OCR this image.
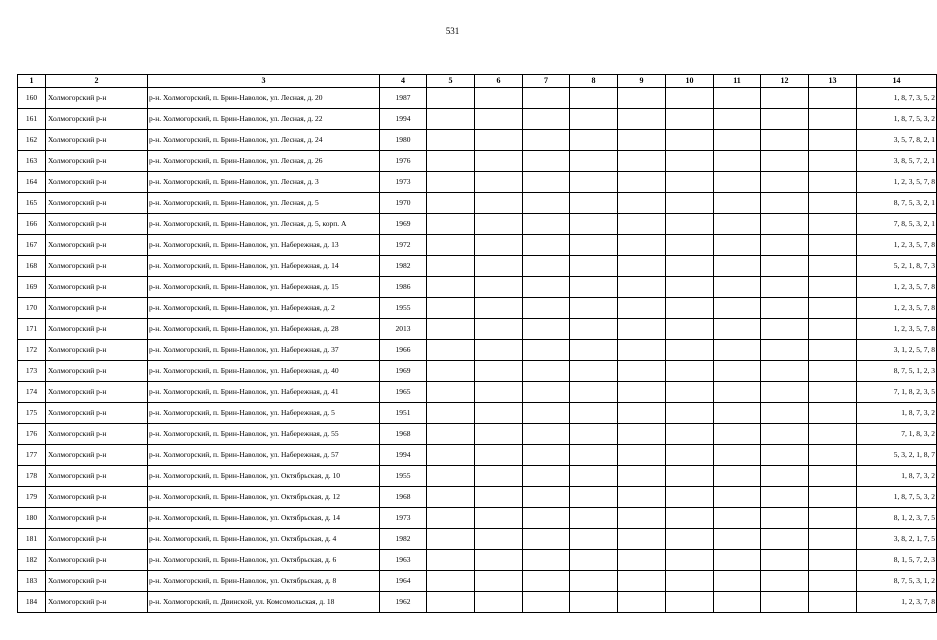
531
1	2	3	4	5	6	7	8	9	10	11	12	13	14
160	Холмогорский р-н	р-н. Холмогорский, п. Брин-Наволок, ул. Лесная, д. 20	1987										1, 8, 7, 3, 5, 2
161	Холмогорский р-н	р-н. Холмогорский, п. Брин-Наволок, ул. Лесная, д. 22	1994										1, 8, 7, 5, 3, 2
162	Холмогорский р-н	р-н. Холмогорский, п. Брин-Наволок, ул. Лесная, д. 24	1980										3, 5, 7, 8, 2, 1
163	Холмогорский р-н	р-н. Холмогорский, п. Брин-Наволок, ул. Лесная, д. 26	1976										3, 8, 5, 7, 2, 1
164	Холмогорский р-н	р-н. Холмогорский, п. Брин-Наволок, ул. Лесная, д. 3	1973										1, 2, 3, 5, 7, 8
165	Холмогорский р-н	р-н. Холмогорский, п. Брин-Наволок, ул. Лесная, д. 5	1970										8, 7, 5, 3, 2, 1
166	Холмогорский р-н	р-н. Холмогорский, п. Брин-Наволок, ул. Лесная, д. 5, корп. А	1969										7, 8, 5, 3, 2, 1
167	Холмогорский р-н	р-н. Холмогорский, п. Брин-Наволок, ул. Набережная, д. 13	1972										1, 2, 3, 5, 7, 8
168	Холмогорский р-н	р-н. Холмогорский, п. Брин-Наволок, ул. Набережная, д. 14	1982										5, 2, 1, 8, 7, 3
169	Холмогорский р-н	р-н. Холмогорский, п. Брин-Наволок, ул. Набережная, д. 15	1986										1, 2, 3, 5, 7, 8
170	Холмогорский р-н	р-н. Холмогорский, п. Брин-Наволок, ул. Набережная, д. 2	1955										1, 2, 3, 5, 7, 8
171	Холмогорский р-н	р-н. Холмогорский, п. Брин-Наволок, ул. Набережная, д. 28	2013										1, 2, 3, 5, 7, 8
172	Холмогорский р-н	р-н. Холмогорский, п. Брин-Наволок, ул. Набережная, д. 37	1966										3, 1, 2, 5, 7, 8
173	Холмогорский р-н	р-н. Холмогорский, п. Брин-Наволок, ул. Набережная, д. 40	1969										8, 7, 5, 1, 2, 3
174	Холмогорский р-н	р-н. Холмогорский, п. Брин-Наволок, ул. Набережная, д. 41	1965										7, 1, 8, 2, 3, 5
175	Холмогорский р-н	р-н. Холмогорский, п. Брин-Наволок, ул. Набережная, д. 5	1951										1, 8, 7, 3, 2
176	Холмогорский р-н	р-н. Холмогорский, п. Брин-Наволок, ул. Набережная, д. 55	1968										7, 1, 8, 3, 2
177	Холмогорский р-н	р-н. Холмогорский, п. Брин-Наволок, ул. Набережная, д. 57	1994										5, 3, 2, 1, 8, 7
178	Холмогорский р-н	р-н. Холмогорский, п. Брин-Наволок, ул. Октябрьская, д. 10	1955										1, 8, 7, 3, 2
179	Холмогорский р-н	р-н. Холмогорский, п. Брин-Наволок, ул. Октябрьская, д. 12	1968										1, 8, 7, 5, 3, 2
180	Холмогорский р-н	р-н. Холмогорский, п. Брин-Наволок, ул. Октябрьская, д. 14	1973										8, 1, 2, 3, 7, 5
181	Холмогорский р-н	р-н. Холмогорский, п. Брин-Наволок, ул. Октябрьская, д. 4	1982										3, 8, 2, 1, 7, 5
182	Холмогорский р-н	р-н. Холмогорский, п. Брин-Наволок, ул. Октябрьская, д. 6	1963										8, 1, 5, 7, 2, 3
183	Холмогорский р-н	р-н. Холмогорский, п. Брин-Наволок, ул. Октябрьская, д. 8	1964										8, 7, 5, 3, 1, 2
184	Холмогорский р-н	р-н. Холмогорский, п. Двинской, ул. Комсомольская, д. 18	1962										1, 2, 3, 7, 8
